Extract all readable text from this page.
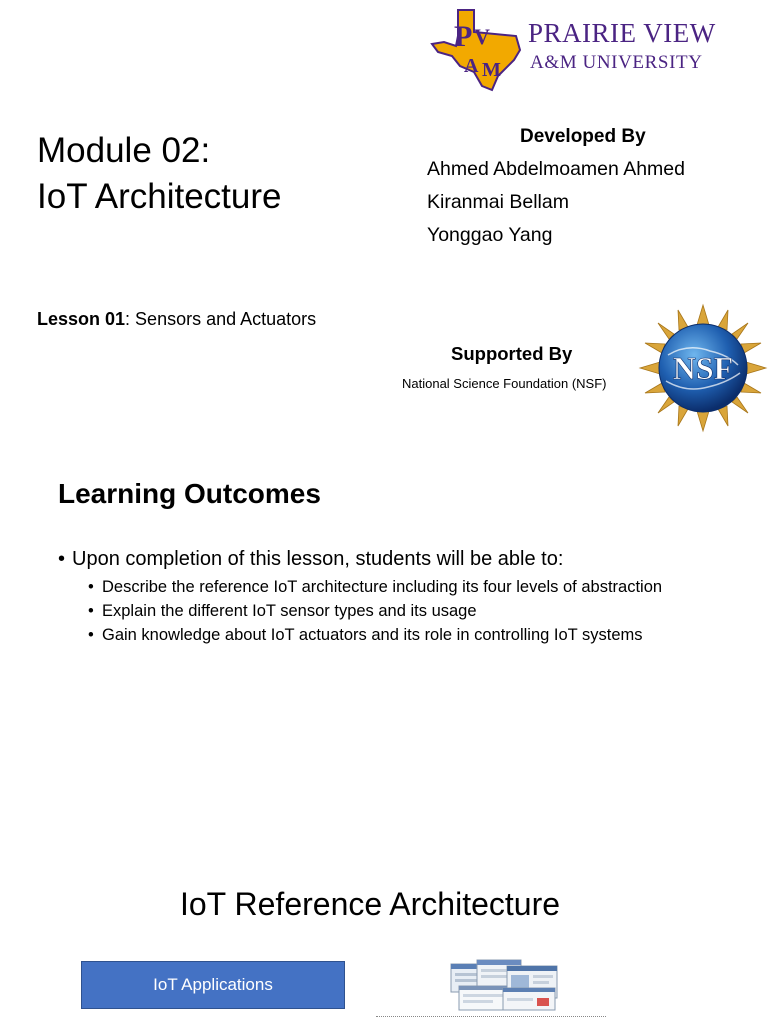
P V
A M
PRAIRIE VIEW
A&M UNIVERSITY
Module 02:
IoT Architecture
Developed By
Ahmed Abdelmoamen Ahmed
Kiranmai Bellam
Yonggao Yang
Lesson 01: Sensors and Actuators
Supported By
National Science Foundation (NSF) NSF
Learning Outcomes
• Upon completion of this lesson, students will be able to:
• Describe the reference IoT architecture including its four levels of abstraction
• Explain the different IoT sensor types and its usage
• Gain knowledge about IoT actuators and its role in controlling IoT systems
IoT Reference Architecture
IoT Applications
